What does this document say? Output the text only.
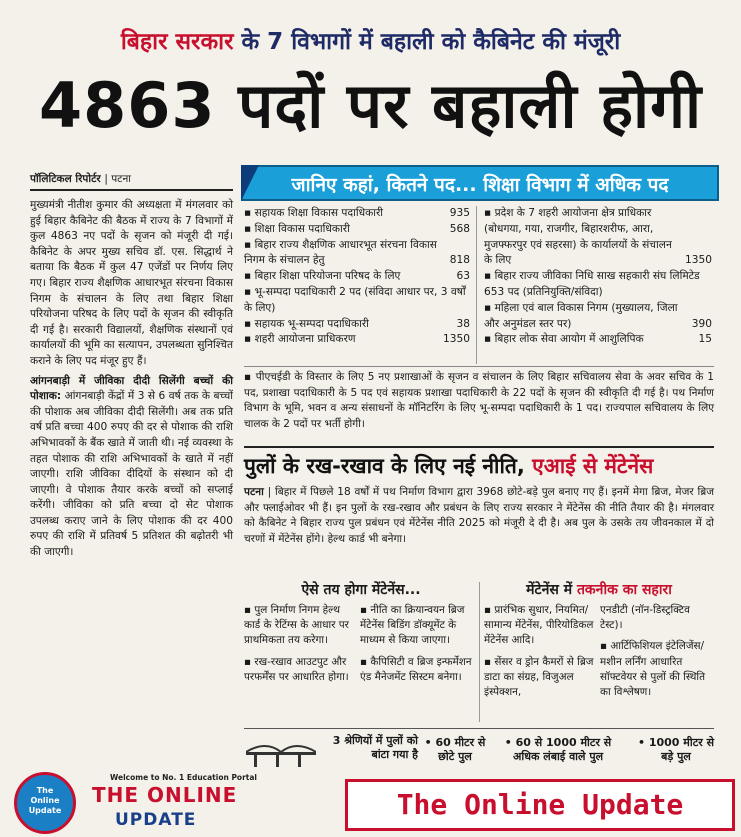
बिहार सरकार के 7 विभागों में बहाली को कैबिनेट की मंजूरी
4863 पदों पर बहाली होगी
पॉलिटिकल रिपोर्टर | पटना

मुख्यमंत्री नीतीश कुमार की अध्यक्षता में मंगलवार को हुई बिहार कैबिनेट की बैठक में राज्य के 7 विभागों में कुल 4863 नए पदों के सृजन को मंजूरी दी गई। कैबिनेट के अपर मुख्य सचिव डॉ. एस. सिद्धार्थ ने बताया कि बैठक में कुल 47 एजेंडों पर निर्णय लिए गए। बिहार राज्य शैक्षणिक आधारभूत संरचना विकास निगम के संचालन के लिए तथा बिहार शिक्षा परियोजना परिषद के लिए पदों के सृजन की स्वीकृति दी गई है। सरकारी विद्यालयों, शैक्षणिक संस्थानों एवं कार्यालयों की भूमि का सत्यापन, उपलब्धता सुनिश्चित कराने के लिए पद मंजूर हुए हैं।

आंगनबाड़ी में जीविका दीदी सिलेंगी बच्चों की पोशाक: आंगनबाड़ी केंद्रों में 3 से 6 वर्ष तक के बच्चों की पोशाक अब जीविका दीदी सिलेंगी। अब तक प्रति वर्ष प्रति बच्चा 400 रुपए की दर से पोशाक की राशि अभिभावकों के बैंक खाते में जाती थी। नई व्यवस्था के तहत पोशाक की राशि अभिभावकों के खाते में नहीं जाएगी। राशि जीविका दीदियों के संस्थान को दी जाएगी। वे पोशाक तैयार करके बच्चों को सप्लाई करेंगी। जीविका को प्रति बच्चा दो सेट पोशाक उपलब्ध कराए जाने के लिए पोशाक की दर 400 रुपए की राशि में प्रतिवर्ष 5 प्रतिशत की बढ़ोतरी भी की जाएगी।

जानिए कहां, कितने पद... शिक्षा विभाग में अधिक पद
▪ सहायक शिक्षा विकास पदाधिकारी	935
▪ शिक्षा विकास पदाधिकारी	568
▪ बिहार राज्य शैक्षणिक आधारभूत संरचना विकास निगम के संचालन हेतु	818
▪ बिहार शिक्षा परियोजना परिषद के लिए	63
▪ भू-सम्पदा पदाधिकारी 2 पद (संविदा आधार पर, 3 वर्षों के लिए)
▪ सहायक भू-सम्पदा पदाधिकारी	38
▪ शहरी आयोजना प्राधिकरण	1350
▪ प्रदेश के 7 शहरी आयोजना क्षेत्र प्राधिकार (बोधगया, गया, राजगीर, बिहारशरीफ, आरा, मुजफ्फरपुर एवं सहरसा) के कार्यालयों के संचालन के लिए	1350
▪ बिहार राज्य जीविका निधि साख सहकारी संघ लिमिटेड 653 पद (प्रतिनियुक्ति/संविदा)
▪ महिला एवं बाल विकास निगम (मुख्यालय, जिला और अनुमंडल स्तर पर)	390
▪ बिहार लोक सेवा आयोग में आशुलिपिक	15
▪ पीएचईडी के विस्तार के लिए 5 नए प्रशाखाओं के सृजन व संचालन के लिए बिहार सचिवालय सेवा के अवर सचिव के 1 पद, प्रशाखा पदाधिकारी के 5 पद एवं सहायक प्रशाखा पदाधिकारी के 22 पदों के सृजन की स्वीकृति दी गई है। पथ निर्माण विभाग के भूमि, भवन व अन्य संसाधनों के मॉनिटरिंग के लिए भू-सम्पदा पदाधिकारी के 1 पद। राज्यपाल सचिवालय के लिए चालक के 2 पदों पर भर्ती होगी।
पुलों के रख-रखाव के लिए नई नीति, एआई से मेंटेनेंस
पटना | बिहार में पिछले 18 वर्षों में पथ निर्माण विभाग द्वारा 3968 छोटे-बड़े पुल बनाए गए हैं। इनमें मेगा ब्रिज, मेजर ब्रिज और फ्लाईओवर भी हैं। इन पुलों के रख-रखाव और प्रबंधन के लिए राज्य सरकार ने मेंटेनेंस की नीति तैयार की है। मंगलवार को कैबिनेट ने बिहार राज्य पुल प्रबंधन एवं मेंटेनेंस नीति 2025 को मंजूरी दे दी है। अब पुल के उसके तय जीवनकाल में दो चरणों में मेंटेनेंस होंगे। हेल्थ कार्ड भी बनेगा।
ऐसे तय होगा मेंटेनेंस...	मेंटेनेंस में तकनीक का सहारा

▪ पुल निर्माण निगम हेल्थ कार्ड के रेटिंग्स के आधार पर प्राथमिकता तय करेगा।

▪ रख-रखाव आउटपुट और परफर्मेंस पर आधारित होगा।

▪ नीति का क्रियान्वयन ब्रिज मेंटेनेंस बिडिंग डॉक्यूमेंट के माध्यम से किया जाएगा।

▪ कैपिसिटी व ब्रिज इन्फर्मेशन एंड मैनेजमेंट सिस्टम बनेगा।

▪ प्रारंभिक सुधार, नियमित/सामान्य मेंटेनेंस, पीरियोडिकल मेंटेनेंस आदि।

▪ सेंसर व ड्रोन कैमरों से ब्रिज डाटा का संग्रह, विजुअल इंस्पेक्शन,

एनडीटी (नॉन-डिस्ट्रक्टिव टेस्ट)।

▪ आर्टिफिशियल इंटेलिजेंस/मशीन लर्निंग आधारित सॉफ्टवेयर से पुलों की स्थिति का विश्लेषण।

3 श्रेणियों में पुलों को बांटा गया है
• 60 मीटर से छोटे पुल
• 60 से 1000 मीटर से अधिक लंबाई वाले पुल
• 1000 मीटर से बड़े पुल
The Online Update
Welcome to No. 1 Education Portal
THE ONLINE
UPDATE	The Online Update
